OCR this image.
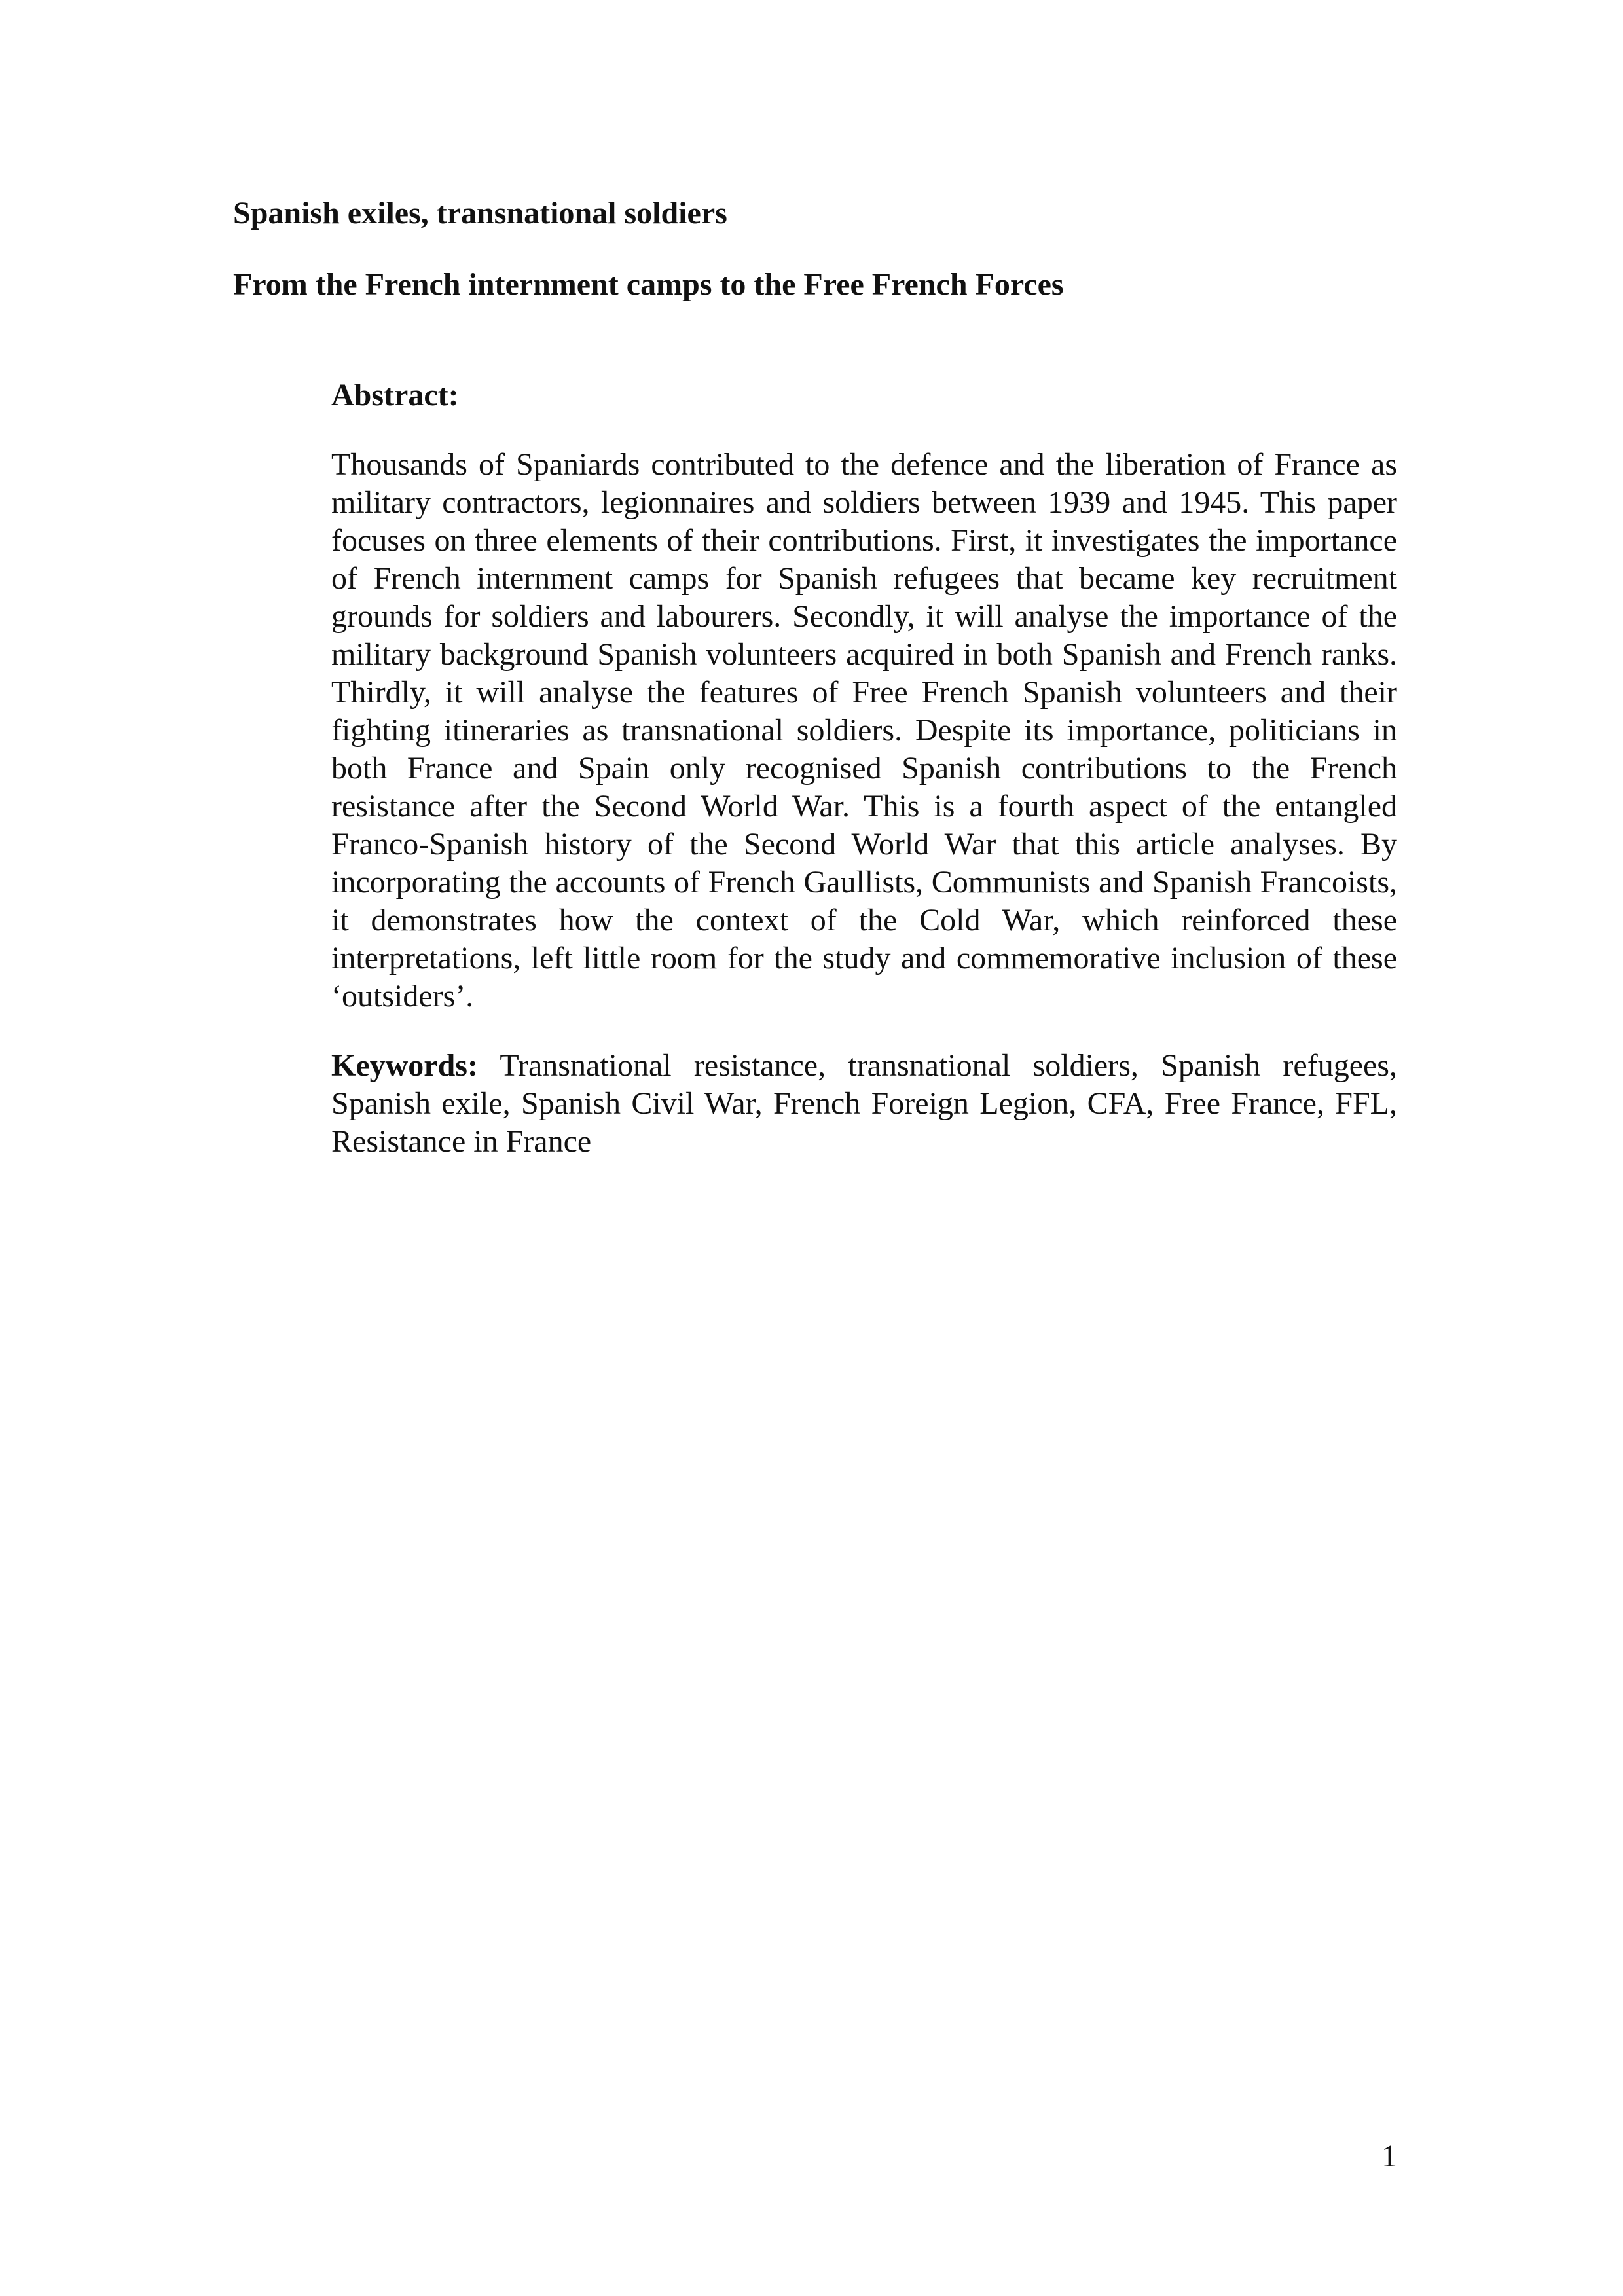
Spanish exiles, transnational soldiers
From the French internment camps to the Free French Forces

Abstract:

Thousands of Spaniards contributed to the defence and the liberation of France as military contractors, legionnaires and soldiers between 1939 and 1945. This paper focuses on three elements of their contributions. First, it investigates the importance of French internment camps for Spanish refugees that became key recruitment grounds for soldiers and labourers. Secondly, it will analyse the importance of the military background Spanish volunteers acquired in both Spanish and French ranks. Thirdly, it will analyse the features of Free French Spanish volunteers and their fighting itineraries as transnational soldiers. Despite its importance, politicians in both France and Spain only recognised Spanish contributions to the French resistance after the Second World War. This is a fourth aspect of the entangled Franco-Spanish history of the Second World War that this article analyses. By incorporating the accounts of French Gaullists, Communists and Spanish Francoists, it demonstrates how the context of the Cold War, which reinforced these interpretations, left little room for the study and commemorative inclusion of these ‘outsiders’.

Keywords: Transnational resistance, transnational soldiers, Spanish refugees, Spanish exile, Spanish Civil War, French Foreign Legion, CFA, Free France, FFL, Resistance in France

1
